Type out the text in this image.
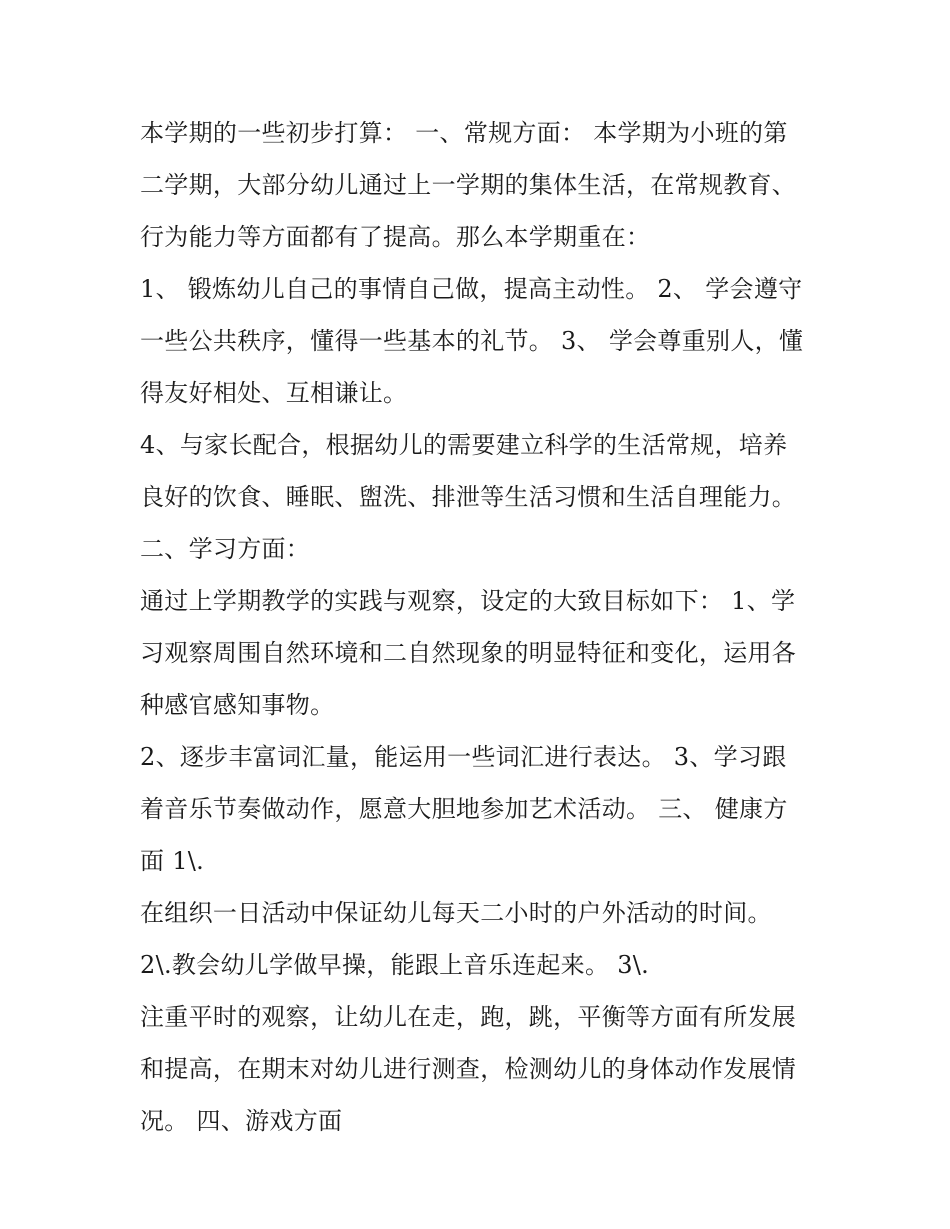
本学期的一些初步打算： 一、常规方面： 本学期为小班的第
二学期，大部分幼儿通过上一学期的集体生活，在常规教育、
行为能力等方面都有了提高。那么本学期重在：
1、 锻炼幼儿自己的事情自己做，提高主动性。 2、 学会遵守
一些公共秩序，懂得一些基本的礼节。 3、 学会尊重别人，懂
得友好相处、互相谦让。
4、与家长配合，根据幼儿的需要建立科学的生活常规，培养
良好的饮食、睡眠、盥洗、排泄等生活习惯和生活自理能力。
二、学习方面：
通过上学期教学的实践与观察，设定的大致目标如下： 1、学
习观察周围自然环境和二自然现象的明显特征和变化，运用各
种感官感知事物。
2、逐步丰富词汇量，能运用一些词汇进行表达。 3、学习跟
着音乐节奏做动作，愿意大胆地参加艺术活动。 三、 健康方
面 1\.
在组织一日活动中保证幼儿每天二小时的户外活动的时间。
2\.教会幼儿学做早操，能跟上音乐连起来。 3\.
注重平时的观察，让幼儿在走，跑，跳，平衡等方面有所发展
和提高，在期末对幼儿进行测查，检测幼儿的身体动作发展情
况。 四、游戏方面
